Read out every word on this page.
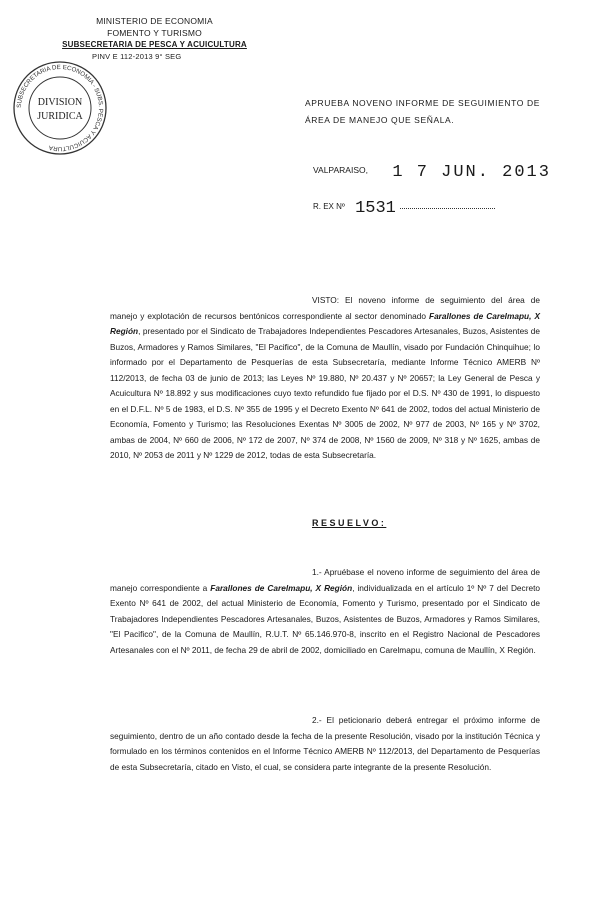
MINISTERIO DE ECONOMIA
FOMENTO Y TURISMO
SUBSECRETARIA DE PESCA Y ACUICULTURA
PINV E 112-2013 9° SEG
SUBSECRETARIA DE ECONOMIA - SUBS. PESCA Y ACUICULTURA
DIVISION
JURIDICA
APRUEBA NOVENO INFORME DE SEGUIMIENTO DE ÁREA DE MANEJO QUE SEÑALA.
VALPARAISO, 1 7 JUN. 2013
R. EX Nº 1531
VISTO: El noveno informe de seguimiento del área de manejo y explotación de recursos bentónicos correspondiente al sector denominado Farallones de Carelmapu, X Región, presentado por el Sindicato de Trabajadores Independientes Pescadores Artesanales, Buzos, Asistentes de Buzos, Armadores y Ramos Similares, "El Pacifico", de la Comuna de Maullín, visado por Fundación Chinquihue; lo informado por el Departamento de Pesquerías de esta Subsecretaría, mediante Informe Técnico AMERB Nº 112/2013, de fecha 03 de junio de 2013; las Leyes Nº 19.880, Nº 20.437 y Nº 20657; la Ley General de Pesca y Acuicultura Nº 18.892 y sus modificaciones cuyo texto refundido fue fijado por el D.S. Nº 430 de 1991, lo dispuesto en el D.F.L. Nº 5 de 1983, el D.S. Nº 355 de 1995 y el Decreto Exento Nº 641 de 2002, todos del actual Ministerio de Economía, Fomento y Turismo; las Resoluciones Exentas Nº 3005 de 2002, Nº 977 de 2003, Nº 165 y Nº 3702, ambas de 2004, Nº 660 de 2006, Nº 172 de 2007, Nº 374 de 2008, Nº 1560 de 2009, Nº 318 y Nº 1625, ambas de 2010, Nº 2053 de 2011 y Nº 1229 de 2012, todas de esta Subsecretaría.
RESUELVO:
1.- Apruébase el noveno informe de seguimiento del área de manejo correspondiente a Farallones de Carelmapu, X Región, individualizada en el artículo 1º Nº 7 del Decreto Exento Nº 641 de 2002, del actual Ministerio de Economía, Fomento y Turismo, presentado por el Sindicato de Trabajadores Independientes Pescadores Artesanales, Buzos, Asistentes de Buzos, Armadores y Ramos Similares, "El Pacifico", de la Comuna de Maullín, R.U.T. Nº 65.146.970-8, inscrito en el Registro Nacional de Pescadores Artesanales con el Nº 2011, de fecha 29 de abril de 2002, domiciliado en Carelmapu, comuna de Maullín, X Región.
2.- El peticionario deberá entregar el próximo informe de seguimiento, dentro de un año contado desde la fecha de la presente Resolución, visado por la institución Técnica y formulado en los términos contenidos en el Informe Técnico AMERB Nº 112/2013, del Departamento de Pesquerías de esta Subsecretaría, citado en Visto, el cual, se considera parte integrante de la presente Resolución.
